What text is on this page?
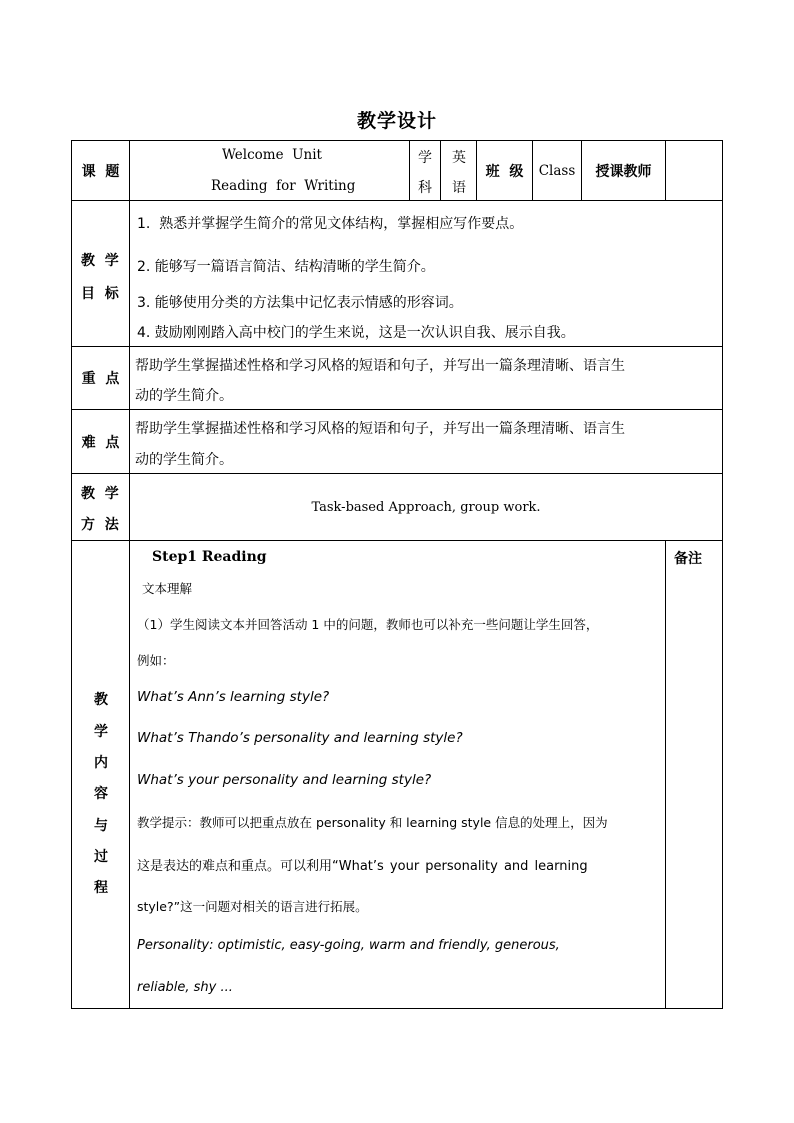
教学设计
课  题
Welcome  Unit
Reading  for  Writing
学
科
英
语
班  级 Class 授课教师
教  学
目  标
1.  熟悉并掌握学生简介的常见文体结构，掌握相应写作要点。
2. 能够写一篇语言简洁、结构清晰的学生简介。
3. 能够使用分类的方法集中记忆表示情感的形容词。
4. 鼓励刚刚踏入高中校门的学生来说，这是一次认识自我、展示自我。
重  点
帮助学生掌握描述性格和学习风格的短语和句子，并写出一篇条理清晰、语言生
动的学生简介。
难  点
帮助学生掌握描述性格和学习风格的短语和句子，并写出一篇条理清晰、语言生
动的学生简介。
教  学
方  法
Task-based Approach, group work.
教
学
内
容
与
过
程
Step1 Reading
文本理解
（1）学生阅读文本并回答活动 1 中的问题，教师也可以补充一些问题让学生回答，
例如：
What’s Ann’s learning style?
What’s Thando’s personality and learning style?
What’s your personality and learning style?
教学提示：教师可以把重点放在 personality 和 learning style 信息的处理上，因为
这是表达的难点和重点。可以利用“What’s your personality and learning
style?”这一问题对相关的语言进行拓展。
Personality: optimistic, easy-going, warm and friendly, generous,
reliable, shy ...
备注
